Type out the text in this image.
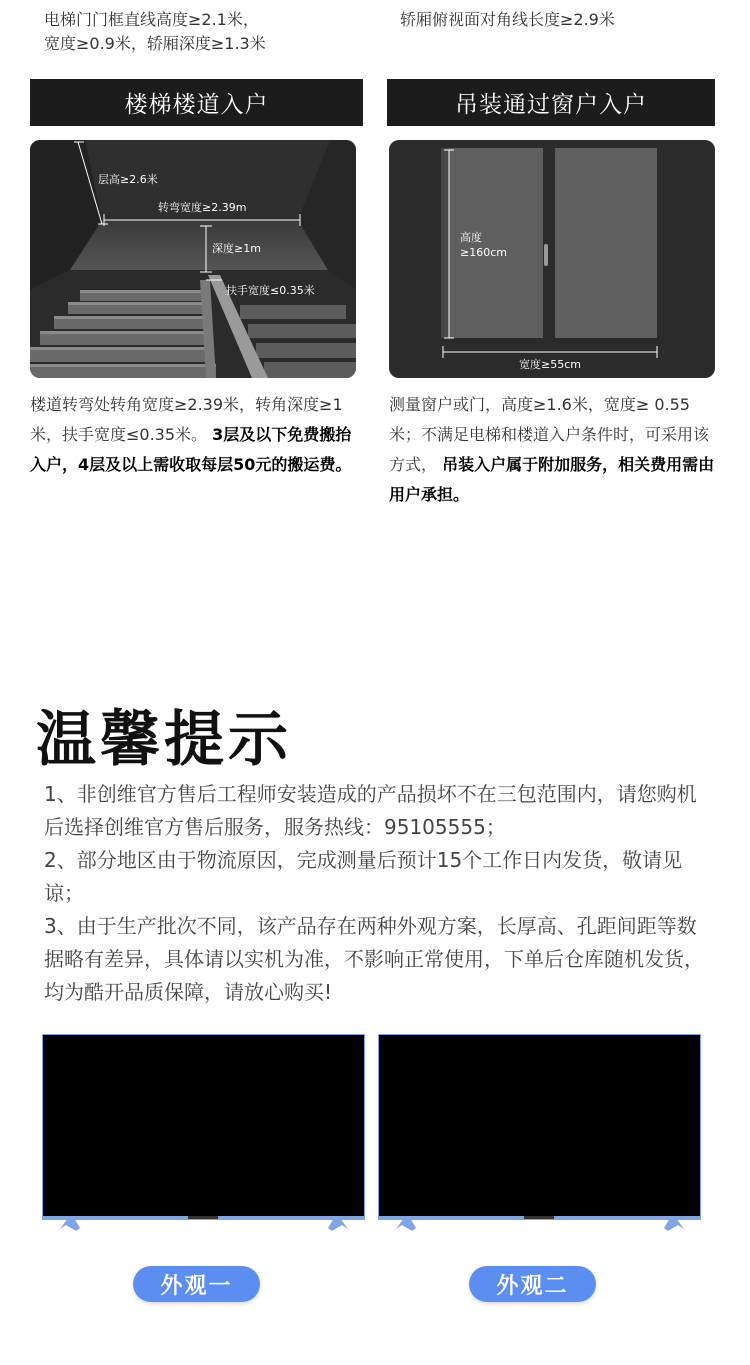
电梯门门框直线高度≥2.1米，
宽度≥0.9米，轿厢深度≥1.3米
轿厢俯视面对角线长度≥2.9米
楼梯楼道入户	吊装通过窗户入户
层高≥2.6米
转弯宽度≥2.39m
深度≥1m
扶手宽度≤0.35米
高度
≥160cm
宽度≥55cm
楼道转弯处转角宽度≥2.39米，转角深度≥1米，扶手宽度≤0.35米。 3层及以下免费搬抬入户，4层及以上需收取每层50元的搬运费。
测量窗户或门，高度≥1.6米，宽度≥ 0.55米；不满足电梯和楼道入户条件时，可采用该方式， 吊装入户属于附加服务，相关费用需由用户承担。
温馨提示

1、非创维官方售后工程师安装造成的产品损坏不在三包范围内，请您购机后选择创维官方售后服务，服务热线：95105555；

2、部分地区由于物流原因，完成测量后预计15个工作日内发货，敬请见谅；

3、由于生产批次不同，该产品存在两种外观方案，长厚高、孔距间距等数据略有差异，具体请以实机为准，不影响正常使用，下单后仓库随机发货，均为酷开品质保障，请放心购买!

外观一	外观二
